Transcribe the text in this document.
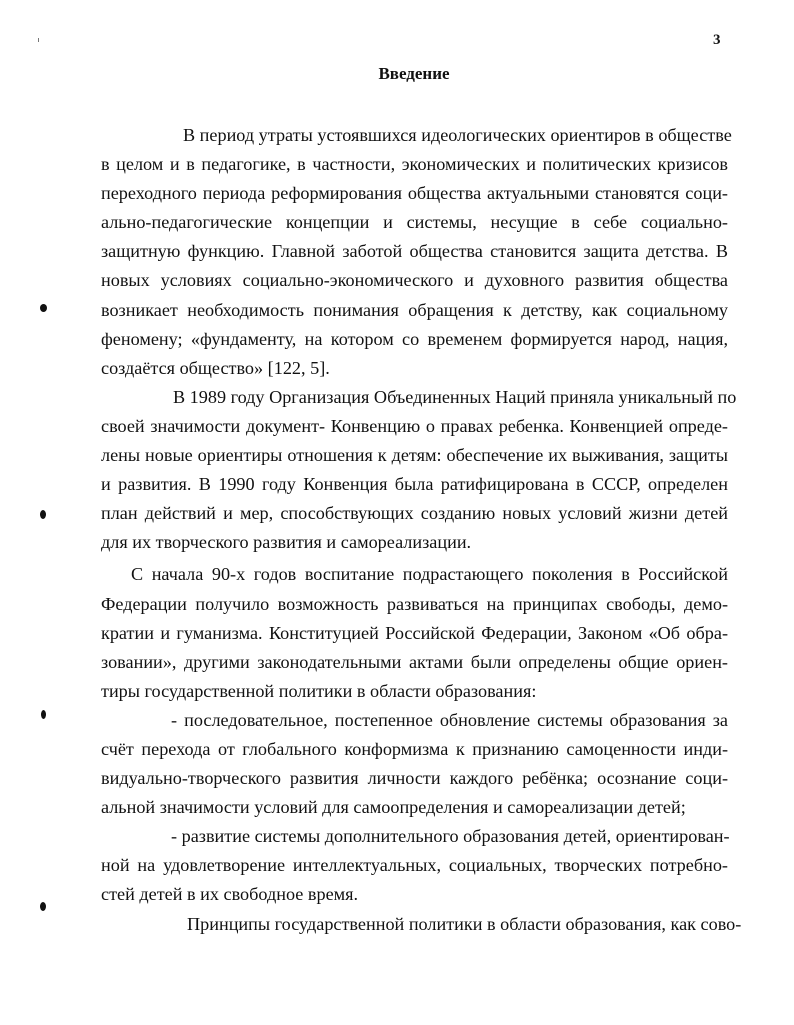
3
Введение
В период утраты устоявшихся идеологических ориентиров в обществе
в целом и в педагогике, в частности, экономических и политических кризисов
переходного периода реформирования общества актуальными становятся соци-
ально-педагогические концепции и системы, несущие в себе социально-
защитную функцию. Главной заботой общества становится защита детства. В
новых условиях социально-экономического и духовного развития общества
возникает необходимость понимания обращения к детству, как социальному
феномену; «фундаменту, на котором со временем формируется народ, нация,
создаётся общество» [122, 5].
В 1989 году Организация Объединенных Наций приняла уникальный по
своей значимости документ- Конвенцию о правах ребенка. Конвенцией опреде-
лены новые ориентиры отношения к детям: обеспечение их выживания, защиты
и развития. В 1990 году Конвенция была ратифицирована в СССР, определен
план действий и мер, способствующих созданию новых условий жизни детей
для их творческого развития и самореализации.
С начала 90-х годов воспитание подрастающего поколения в Российской
Федерации получило возможность развиваться на принципах свободы, демо-
кратии и гуманизма. Конституцией Российской Федерации, Законом «Об обра-
зовании», другими законодательными актами были определены общие ориен-
тиры государственной политики в области образования:
- последовательное, постепенное обновление системы образования за
счёт перехода от глобального конформизма к признанию самоценности инди-
видуально-творческого развития личности каждого ребёнка; осознание соци-
альной значимости условий для самоопределения и самореализации детей;
- развитие системы дополнительного образования детей, ориентирован-
ной на удовлетворение интеллектуальных, социальных, творческих потребно-
стей детей в их свободное время.
Принципы государственной политики в области образования, как сово-
